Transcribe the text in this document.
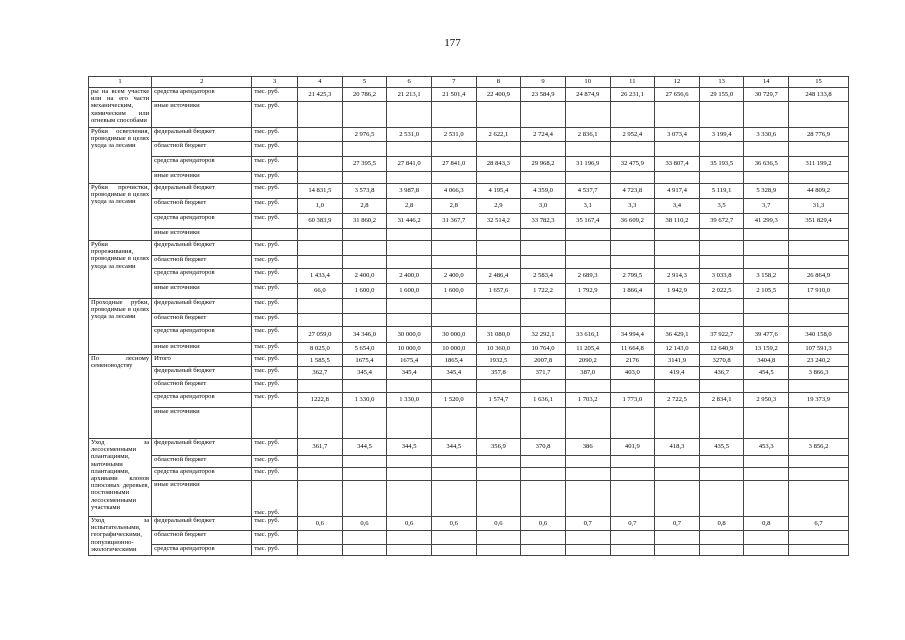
177
1	2	3	4	5	6	7	8	9	10	11	12	13	14	15
ры на всем участке или на его части механическим, химическим или огневым способами	средства арендаторов	тыс. руб.	21 425,3	20 786,2	21 213,1	21 501,4	22 400,9	23 584,9	24 874,9	26 231,1	27 656,6	29 155,0	30 729,7	248 133,8
	иные источники	тыс. руб.												

Рубки осветления, проводимые в целях ухода за лесами	федеральный бюджет	тыс. руб.		2 976,5	2 531,0	2 531,0	2 622,1	2 724,4	2 836,1	2 952,4	3 073,4	3 199,4	3 330,6	28 776,9
	областной бюджет	тыс. руб.												
	средства арендаторов	тыс. руб.		27 395,5	27 841,0	27 841,0	28 843,3	29 968,2	31 196,9	32 475,9	33 807,4	35 193,5	36 636,5	311 199,2
	иные источники	тыс. руб.												
Рубки прочистки, проводимые в целях ухода за лесами	федеральный бюджет	тыс. руб.	14 831,5	3 573,8	3 987,8	4 066,3	4 195,4	4 359,0	4 537,7	4 723,8	4 917,4	5 119,1	5 328,9	44 809,2
	областной бюджет	тыс. руб.	1,0	2,8	2,8	2,8	2,9	3,0	3,1	3,3	3,4	3,5	3,7	31,3
	средства арендаторов	тыс. руб.	60 383,9	31 860,2	31 446,2	31 367,7	32 514,2	33 782,3	35 167,4	36 609,2	38 110,2	39 672,7	41 299,3	351 829,4
	иные источники													
Рубки прореживания, проводимые в целях ухода за лесами	федеральный бюджет	тыс. руб.												
	областной бюджет	тыс. руб.												
	средства арендаторов	тыс. руб.	1 433,4	2 400,0	2 400,0	2 400,0	2 486,4	2 583,4	2 689,3	2 799,5	2 914,3	3 033,8	3 158,2	26 864,9
	иные источники	тыс. руб.	66,0	1 600,0	1 600,0	1 600,0	1 657,6	1 722,2	1 792,9	1 866,4	1 942,9	2 022,5	2 105,5	17 910,0
Проходные рубки, проводимые в целях ухода за лесами	федеральный бюджет	тыс. руб.												
	областной бюджет	тыс. руб.												
	средства арендаторов	тыс. руб.	27 059,0	34 346,0	30 000,0	30 000,0	31 080,0	32 292,1	33 616,1	34 994,4	36 429,1	37 922,7	39 477,6	340 158,0
	иные источники	тыс. руб.	8 025,0	5 654,0	10 000,0	10 000,0	10 360,0	10 764,0	11 205,4	11 664,8	12 143,0	12 640,9	13 159,2	107 591,3
По лесному семеноводству	Итого	тыс. руб.	1 585,5	1675,4	1675,4	1865,4	1932,5	2007,8	2090,2	2176	3141,9	3270,8	3404,8	23 240,2
	федеральный бюджет	тыс. руб.	362,7	345,4	345,4	345,4	357,8	371,7	387,0	403,0	419,4	436,7	454,5	3 866,3
	областной бюджет	тыс. руб.												
	средства арендаторов	тыс. руб.	1222,8	1 330,0	1 330,0	1 520,0	1 574,7	1 636,1	1 703,2	1 773,0	2 722,5	2 834,1	2 950,3	19 373,9
	иные источники													
Уход за лесосеменными плантациями, маточными плантациями, архивами клонов плюсовых деревьев, постоянными лесосеменными участками	федеральный бюджет	тыс. руб.	361,7	344,5	344,5	344,5	356,9	370,8	386	401,9	418,3	435,5	453,3	3 856,2
	областной бюджет	тыс. руб.												
	средства арендаторов	тыс. руб.												
	иные источники	тыс. руб.												
Уход за испытательными, географическими, популяционно-экологическими	федеральный бюджет	тыс. руб.	0,6	0,6	0,6	0,6	0,6	0,6	0,7	0,7	0,7	0,8	0,8	6,7
	областной бюджет	тыс. руб.												
	средства арендаторов	тыс. руб.												
